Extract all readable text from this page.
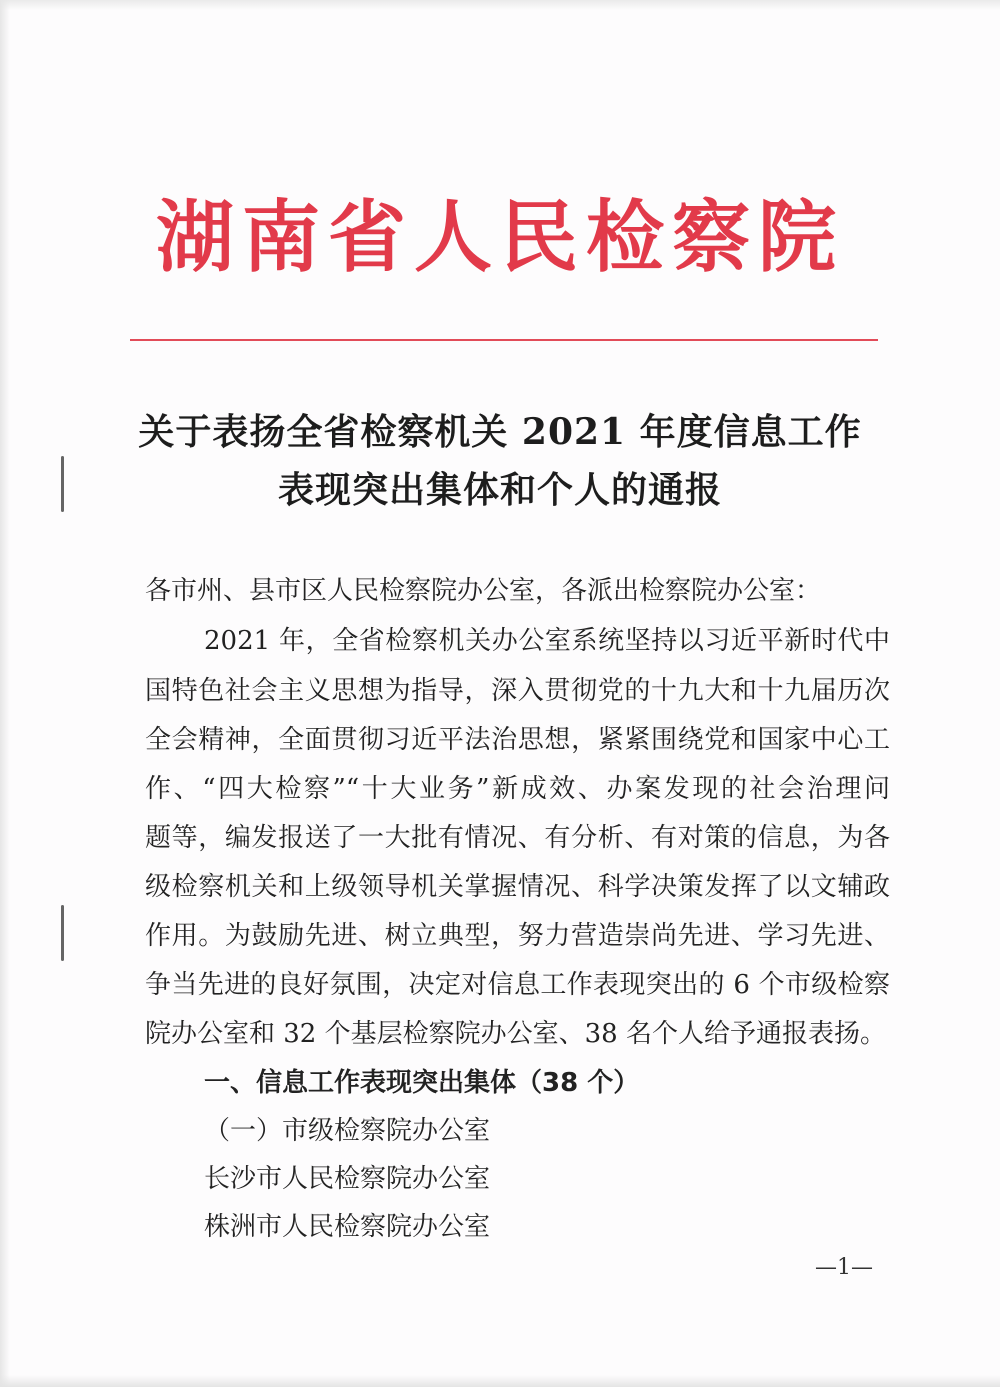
湖南省人民检察院
关于表扬全省检察机关 2021 年度信息工作
表现突出集体和个人的通报
各市州、县市区人民检察院办公室，各派出检察院办公室：
2021 年，全省检察机关办公室系统坚持以习近平新时代中
国特色社会主义思想为指导，深入贯彻党的十九大和十九届历次
全会精神，全面贯彻习近平法治思想，紧紧围绕党和国家中心工
作、“四大检察”“十大业务”新成效、办案发现的社会治理问
题等，编发报送了一大批有情况、有分析、有对策的信息，为各
级检察机关和上级领导机关掌握情况、科学决策发挥了以文辅政
作用。为鼓励先进、树立典型，努力营造崇尚先进、学习先进、
争当先进的良好氛围，决定对信息工作表现突出的 6 个市级检察
院办公室和 32 个基层检察院办公室、38 名个人给予通报表扬。
一、信息工作表现突出集体（38 个）
（一）市级检察院办公室
长沙市人民检察院办公室
株洲市人民检察院办公室
—1—
